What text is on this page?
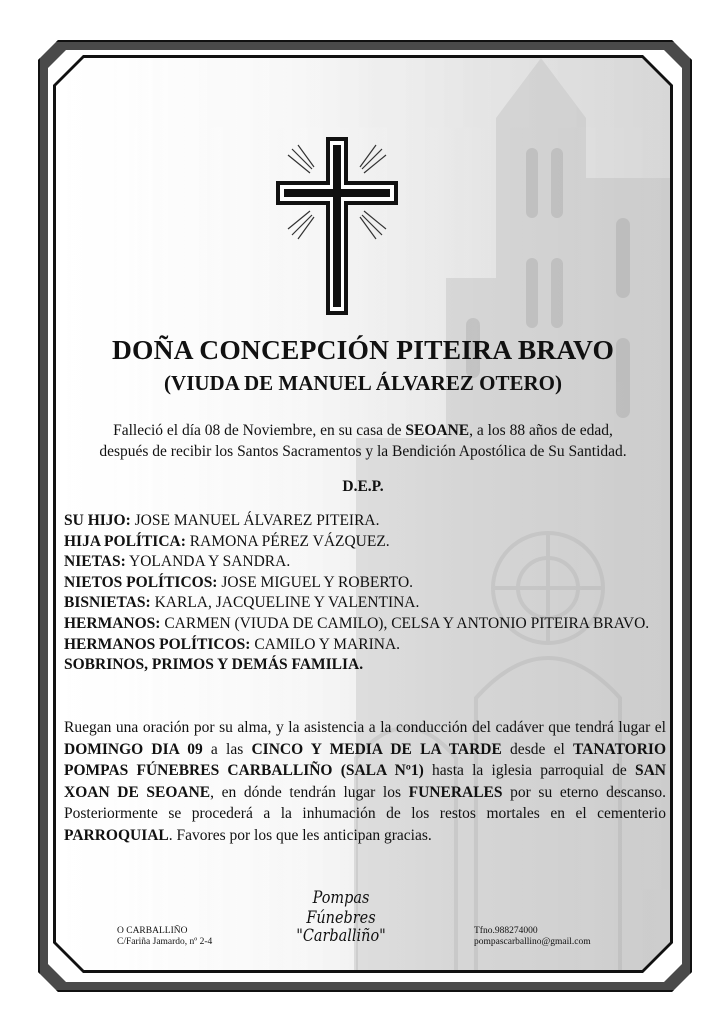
DOÑA CONCEPCIÓN PITEIRA BRAVO
(VIUDA DE MANUEL ÁLVAREZ OTERO)
Falleció el día 08 de Noviembre, en su casa de SEOANE, a los 88 años de edad,
después de recibir los Santos Sacramentos y la Bendición Apostólica de Su Santidad.
D.E.P.
SU HIJO: JOSE MANUEL ÁLVAREZ PITEIRA.
HIJA POLÍTICA: RAMONA PÉREZ VÁZQUEZ.
NIETAS: YOLANDA Y SANDRA.
NIETOS POLÍTICOS: JOSE MIGUEL Y ROBERTO.
BISNIETAS: KARLA, JACQUELINE Y VALENTINA.
HERMANOS: CARMEN (VIUDA DE CAMILO), CELSA Y ANTONIO PITEIRA BRAVO.
HERMANOS POLÍTICOS: CAMILO Y MARINA.
SOBRINOS, PRIMOS Y DEMÁS FAMILIA.
Ruegan una oración por su alma, y la asistencia a la conducción del cadáver que tendrá lugar el DOMINGO DIA 09 a las CINCO Y MEDIA DE LA TARDE desde el TANATORIO POMPAS FÚNEBRES CARBALLIÑO (SALA Nº1) hasta la iglesia parroquial de SAN XOAN DE SEOANE, en dónde tendrán lugar los FUNERALES por su eterno descanso. Posteriormente se procederá a la inhumación de los restos mortales en el cementerio PARROQUIAL. Favores por los que les anticipan gracias.
Pompas Fúnebres
"Carballiño"
O CARBALLIÑO
C/Fariña Jamardo, nº 2-4
Tfno.988274000
pompascarballino@gmail.com
